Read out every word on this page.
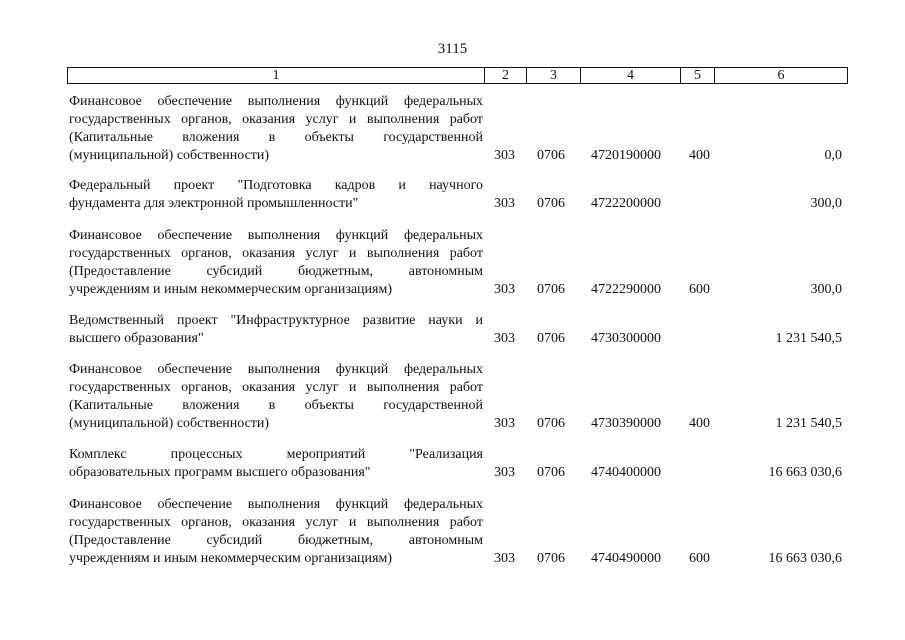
3115
1	2	3	4	5	6
Финансовое обеспечение выполнения функций федеральных
государственных органов, оказания услуг и выполнения работ
(Капитальные вложения в объекты государственной
(муниципальной) собственности)	303 0706 4720190000 400	0,0
Федеральный проект "Подготовка кадров и научного
фундамента для электронной промышленности"	303 0706 4722200000	300,0
Финансовое обеспечение выполнения функций федеральных
государственных органов, оказания услуг и выполнения работ
(Предоставление субсидий бюджетным, автономным
учреждениям и иным некоммерческим организациям)	303 0706 4722290000 600	300,0
Ведомственный проект "Инфраструктурное развитие науки и
высшего образования"	303 0706 4730300000	1 231 540,5
Финансовое обеспечение выполнения функций федеральных
государственных органов, оказания услуг и выполнения работ
(Капитальные вложения в объекты государственной
(муниципальной) собственности)	303 0706 4730390000 400	1 231 540,5
Комплекс процессных мероприятий "Реализация
образовательных программ высшего образования"	303 0706 4740400000	16 663 030,6
Финансовое обеспечение выполнения функций федеральных
государственных органов, оказания услуг и выполнения работ
(Предоставление субсидий бюджетным, автономным
учреждениям и иным некоммерческим организациям)	303 0706 4740490000 600	16 663 030,6
